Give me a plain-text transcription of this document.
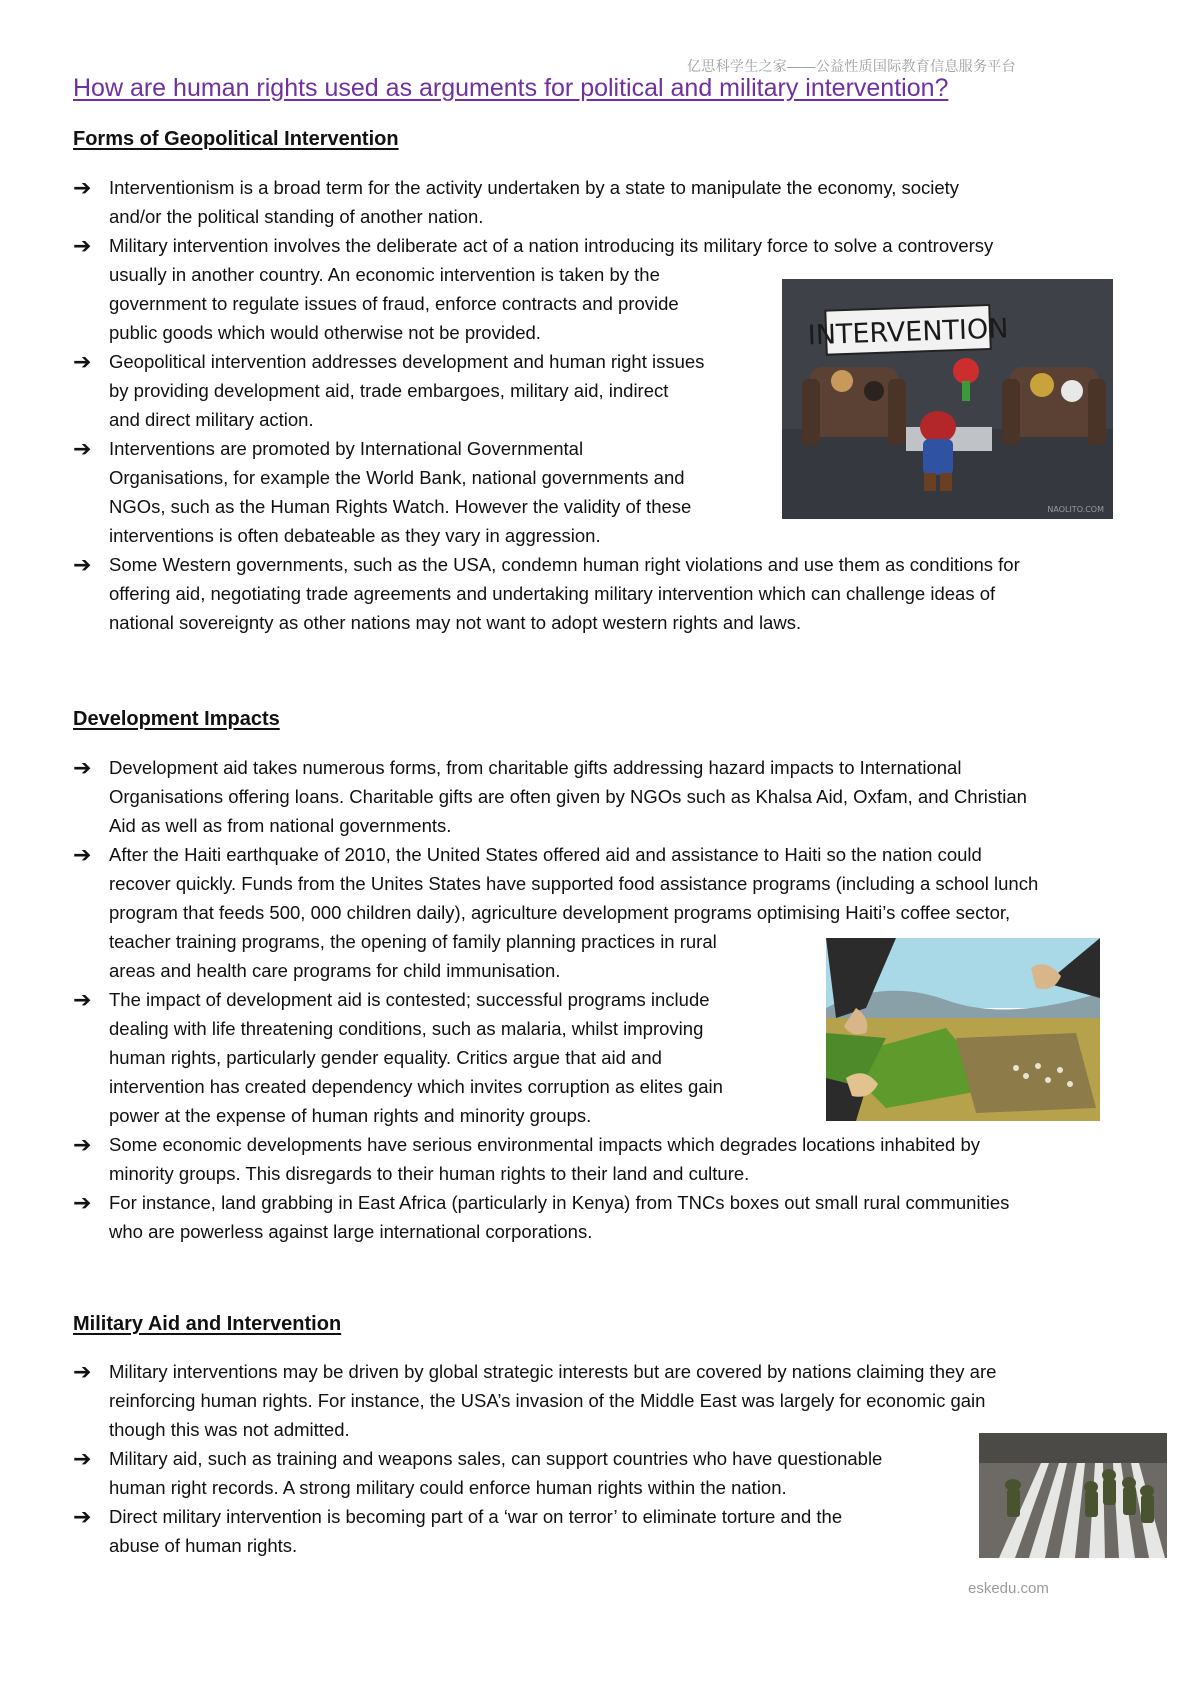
亿思科学生之家——公益性质国际教育信息服务平台
How are human rights used as arguments for political and military intervention?
Forms of Geopolitical Intervention
➔ Interventionism is a broad term for the activity undertaken by a state to manipulate the economy, society
and/or the political standing of another nation.
➔ Military intervention involves the deliberate act of a nation introducing its military force to solve a controversy
usually in another country. An economic intervention is taken by the
government to regulate issues of fraud, enforce contracts and provide
public goods which would otherwise not be provided.
➔ Geopolitical intervention addresses development and human right issues
by providing development aid, trade embargoes, military aid, indirect
and direct military action.
➔ Interventions are promoted by International Governmental
Organisations, for example the World Bank, national governments and
NGOs, such as the Human Rights Watch. However the validity of these
interventions is often debateable as they vary in aggression.
➔ Some Western governments, such as the USA, condemn human right violations and use them as conditions for
offering aid, negotiating trade agreements and undertaking military intervention which can challenge ideas of
national sovereignty as other nations may not want to adopt western rights and laws.
INTERVENTION
NAOLITO.COM
Development Impacts
➔ Development aid takes numerous forms, from charitable gifts addressing hazard impacts to International
Organisations offering loans. Charitable gifts are often given by NGOs such as Khalsa Aid, Oxfam, and Christian
Aid as well as from national governments.
➔ After the Haiti earthquake of 2010, the United States offered aid and assistance to Haiti so the nation could
recover quickly. Funds from the Unites States have supported food assistance programs (including a school lunch
program that feeds 500, 000 children daily), agriculture development programs optimising Haiti’s coffee sector,
teacher training programs, the opening of family planning practices in rural
areas and health care programs for child immunisation.
➔ The impact of development aid is contested; successful programs include
dealing with life threatening conditions, such as malaria, whilst improving
human rights, particularly gender equality. Critics argue that aid and
intervention has created dependency which invites corruption as elites gain
power at the expense of human rights and minority groups.
➔ Some economic developments have serious environmental impacts which degrades locations inhabited by
minority groups. This disregards to their human rights to their land and culture.
➔ For instance, land grabbing in East Africa (particularly in Kenya) from TNCs boxes out small rural communities
who are powerless against large international corporations.
Military Aid and Intervention
➔ Military interventions may be driven by global strategic interests but are covered by nations claiming they are
reinforcing human rights. For instance, the USA’s invasion of the Middle East was largely for economic gain
though this was not admitted.
➔ Military aid, such as training and weapons sales, can support countries who have questionable
human right records. A strong military could enforce human rights within the nation.
➔ Direct military intervention is becoming part of a ‘war on terror’ to eliminate torture and the
abuse of human rights.
eskedu.com
